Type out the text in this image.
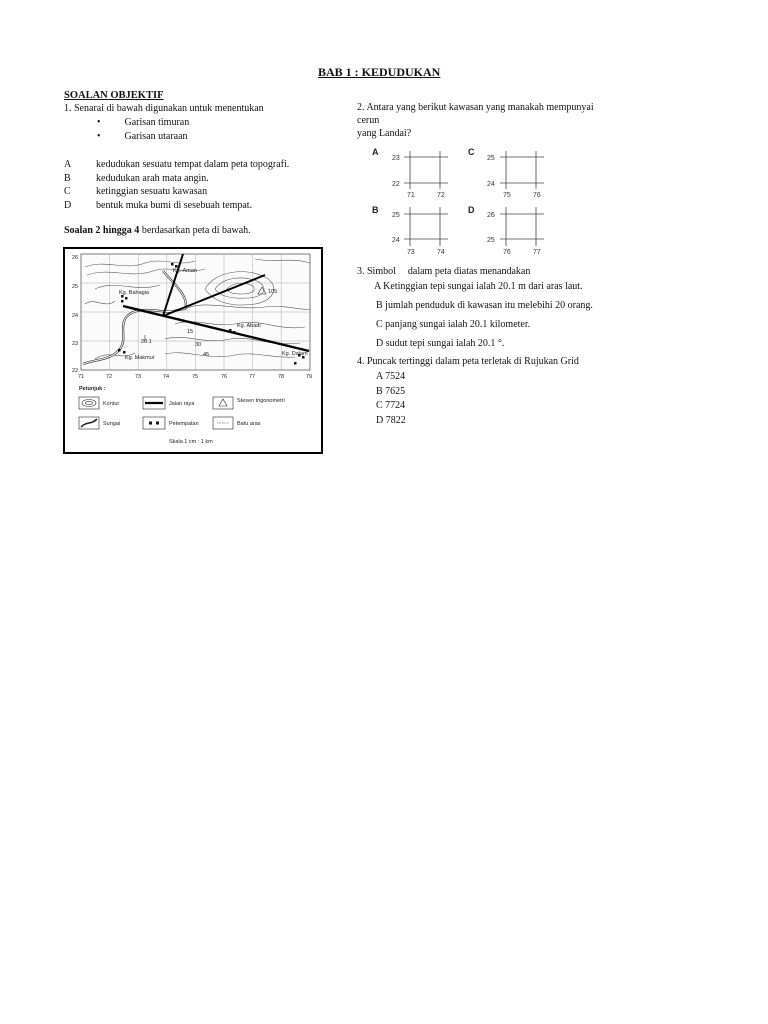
BAB 1 : KEDUDUKAN
SOALAN OBJEKTIF
1. Senarai di bawah digunakan untuk menentukan
• Garisan timuran
• Garisan utaraan
A kedudukan sesuatu tempat dalam peta topografi.
B	kedudukan arah mata angin.
C	ketinggian sesuatu kawasan
D bentuk muka bumi di sesebuah tempat.
Soalan 2 hingga 4 berdasarkan peta di bawah.
Kg. Aman
Kg. Bahagia
Kg. Abadi
Kg. Makmur
Kg. Dalam
105
20.1
15
30
45
26
25
24
23
22
71	72	73	74	75	76	77	78	79
Petunjuk :
Kontur	Jalan raya	Stesen trigonometri
Sungai	Petempatan	Batu aras
Skala 1 cm : 1 km
2. Antara yang berikut kawasan yang manakah mempunyai
cerun
yang Landai?
A
23
22
71	72
C
25
24
75	76
B
25
24
73	74
D
26
25
76	77
3. Simbol dalam peta diatas menandakan
A Ketinggian tepi sungai ialah 20.1 m dari aras laut.
B jumlah penduduk di kawasan itu melebihi 20 orang.
C panjang sungai ialah 20.1 kilometer.
D sudut tepi sungai ialah 20.1 °.
4. Puncak tertinggi dalam peta terletak di Rujukan Grid
A 7524
B 7625
C 7724
D 7822
